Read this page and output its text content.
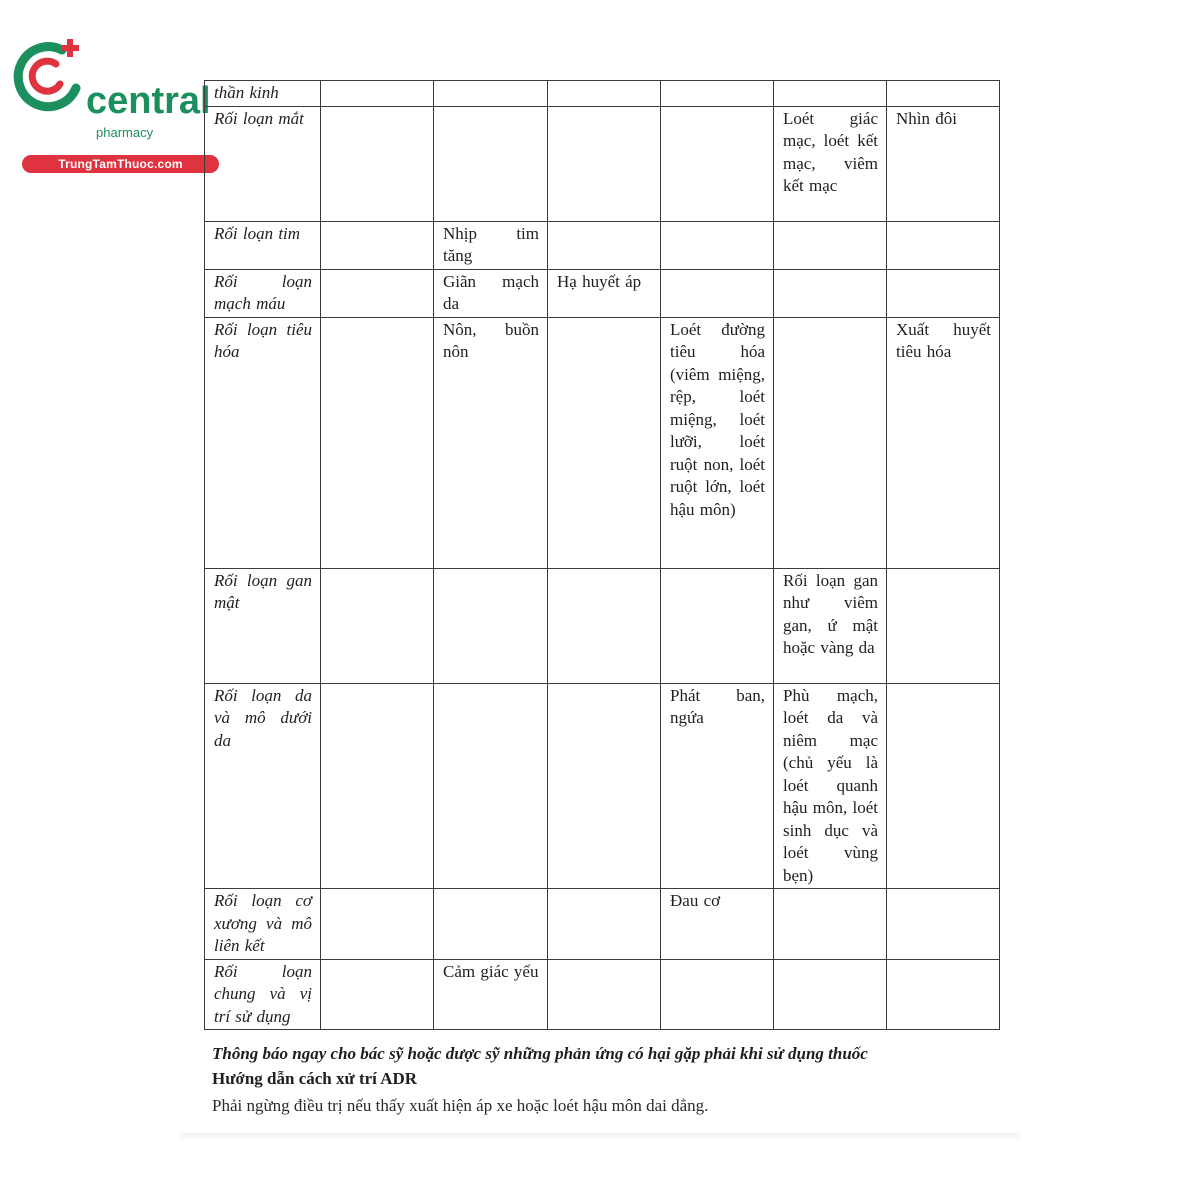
central
pharmacy
TrungTamThuoc.com
thần kinh						
Rối loạn mắt					Loét giác mạc, loét kết mạc, viêm kết mạc	Nhìn đôi
Rối loạn tim		Nhịp tim tăng				
Rối loạn mạch máu		Giãn mạch da	Hạ huyết áp			
Rối loạn tiêu hóa		Nôn, buồn nôn		Loét đường tiêu hóa (viêm miệng, rệp, loét miệng, loét lưỡi, loét ruột non, loét ruột lớn, loét hậu môn)		Xuất huyết tiêu hóa
Rối loạn gan mật					Rối loạn gan như viêm gan, ứ mật hoặc vàng da	
Rối loạn da và mô dưới da				Phát ban, ngứa	Phù mạch, loét da và niêm mạc (chủ yếu là loét quanh hậu môn, loét sinh dục và loét vùng bẹn)	
Rối loạn cơ xương và mô liên kết				Đau cơ		
Rối loạn chung và vị trí sử dụng		Cảm giác yếu				
Thông báo ngay cho bác sỹ hoặc dược sỹ những phản ứng có hại gặp phải khi sử dụng thuốc
Hướng dẫn cách xử trí ADR
Phải ngừng điều trị nếu thấy xuất hiện áp xe hoặc loét hậu môn dai dẳng.
